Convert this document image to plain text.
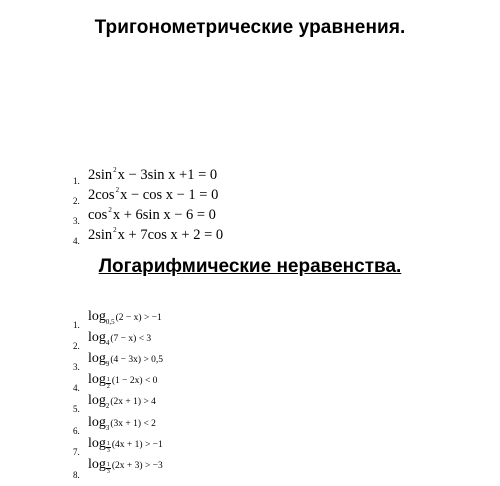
Тригонометрические уравнения.
1. $2\sin^2x - 3\sin$ x +1 = 0
2. $2\cos^2x - \cos x - 1 = 0$
3. $\cos^2x + 6\sin$ x − 6 = 0
4. $2\sin^2x + 7\cos$ x + 2 = 0
Логарифмические неравенства.
1.
$\log_{0,5}(2 - x) > -1$
2.
$\log_4(7 - x) < 3$
3.
$\log_9(4 - 3x) > 0,5$
4.
$\log\frac{1}{2}(1 - 2x) < 0$
5.
$\log_2(2x + 1) > 4$
6.
$\log_3(3x + 1) < 2$
7.
$\log\frac{1}{3}(4x + 1) > -1$
8.
$\log\frac{1}{3}(2x + 3) > -3$
